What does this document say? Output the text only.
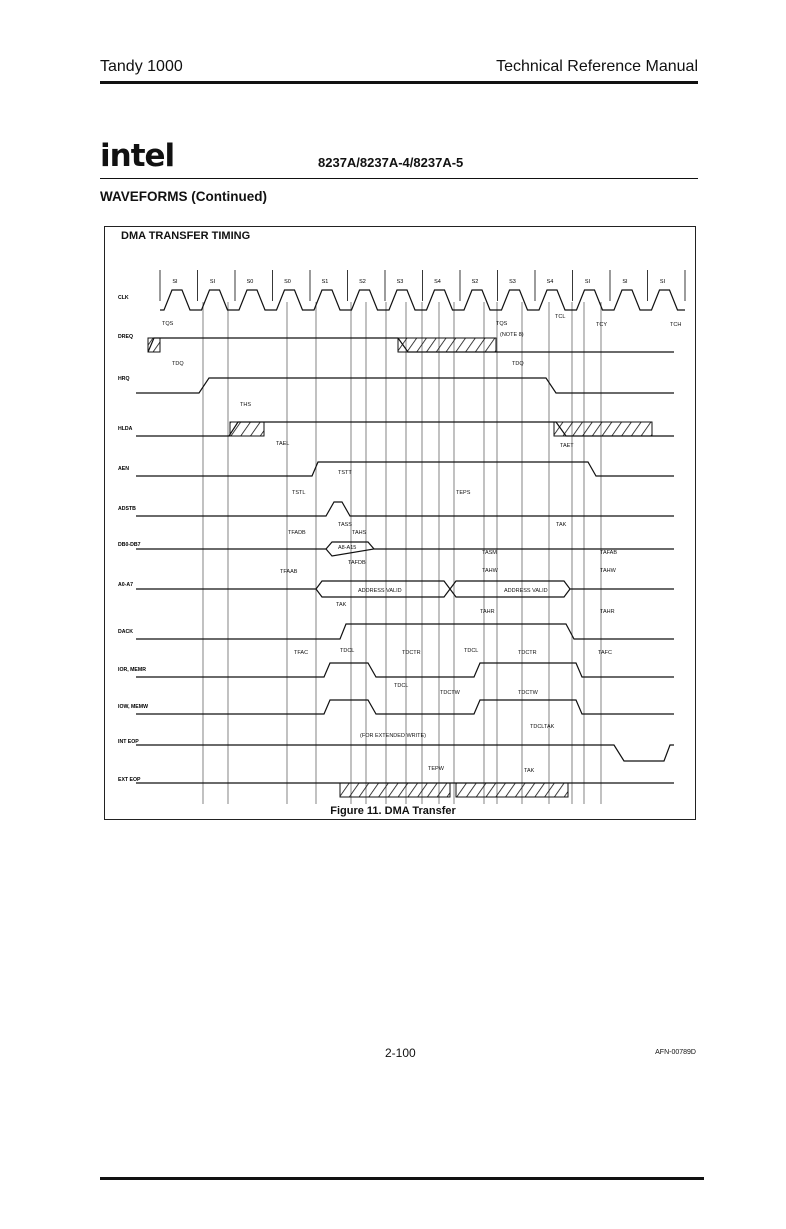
Tandy 1000	Technical Reference Manual
intel	8237A/8237A-4/8237A-5
WAVEFORMS (Continued)
DMA TRANSFER TIMING
SI	SI	S0	S0	S1	S2	S3	S4	S2	S3	S4	SI	SI	SI
CLK
DREQ
HRQ
HLDA
AEN
ADSTB
DB0-DB7
A0-A7
DACK
IOR, MEMR
IOW, MEMW
INT EOP
EXT EOP
TQS	TQS
(NOTE 8)
TCL
TCY	TCH
TDQ	TDQ
THS
TAEL	TAET
TSTT
TSTL	TEPS
TASS
TAHS
TAK
TFADB
A8-A15
TAFDB
TASM	TAFAB
TFAAB	TAHW	TAHW
ADDRESS VALID	ADDRESS VALID
TAK
TAHR	TAHR
TFAC	TDCL	TDCTR	TDCL	TDCTR	TAFC
TDCL
TDCTW	TDCTW
(FOR EXTENDED WRITE)
TDCL TAK
TEPW	TAK
Figure 11. DMA Transfer
2-100	AFN-00789D
